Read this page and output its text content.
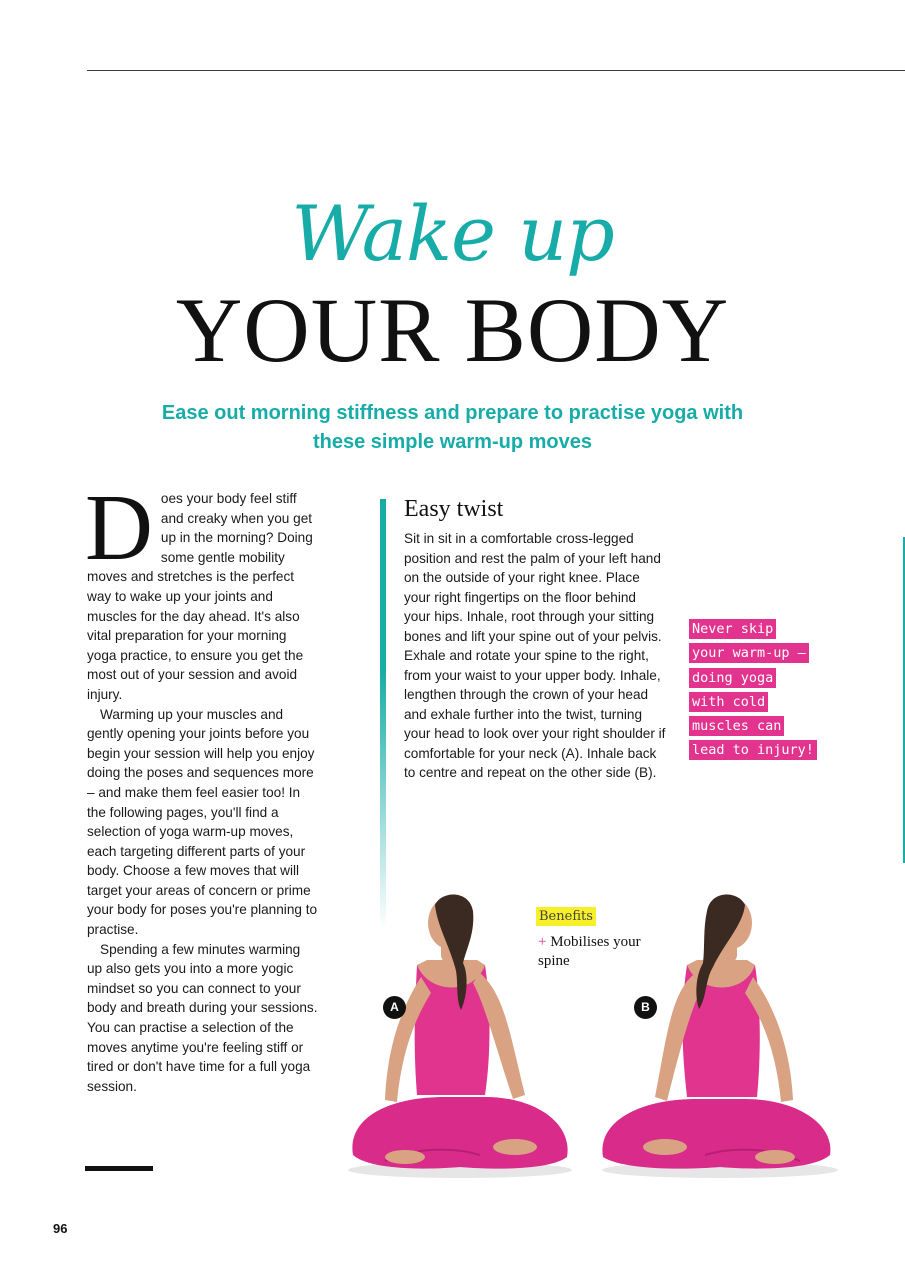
Wake up
YOUR BODY
Ease out morning stiffness and prepare to practise yoga with these simple warm-up moves

Does your body feel stiff and creaky when you get up in the morning? Doing some gentle mobility moves and stretches is the perfect way to wake up your joints and muscles for the day ahead. It's also vital preparation for your morning yoga practice, to ensure you get the most out of your session and avoid injury.

Warming up your muscles and gently opening your joints before you begin your session will help you enjoy doing the poses and sequences more – and make them feel easier too! In the following pages, you'll find a selection of yoga warm-up moves, each targeting different parts of your body. Choose a few moves that will target your areas of concern or prime your body for poses you're planning to practise.

Spending a few minutes warming up also gets you into a more yogic mindset so you can connect to your body and breath during your sessions. You can practise a selection of the moves anytime you're feeling stiff or tired or don't have time for a full yoga session.

96
Easy twist

Sit in sit in a comfortable cross-legged position and rest the palm of your left hand on the outside of your right knee. Place your right fingertips on the floor behind your hips. Inhale, root through your sitting bones and lift your spine out of your pelvis. Exhale and rotate your spine to the right, from your waist to your upper body. Inhale, lengthen through the crown of your head and exhale further into the twist, turning your head to look over your right shoulder if comfortable for your neck (A). Inhale back to centre and repeat on the other side (B).

Never skip
your warm-up –
doing yoga
with cold
muscles can
lead to injury!
A	B
Benefits
+ Mobilises your spine
